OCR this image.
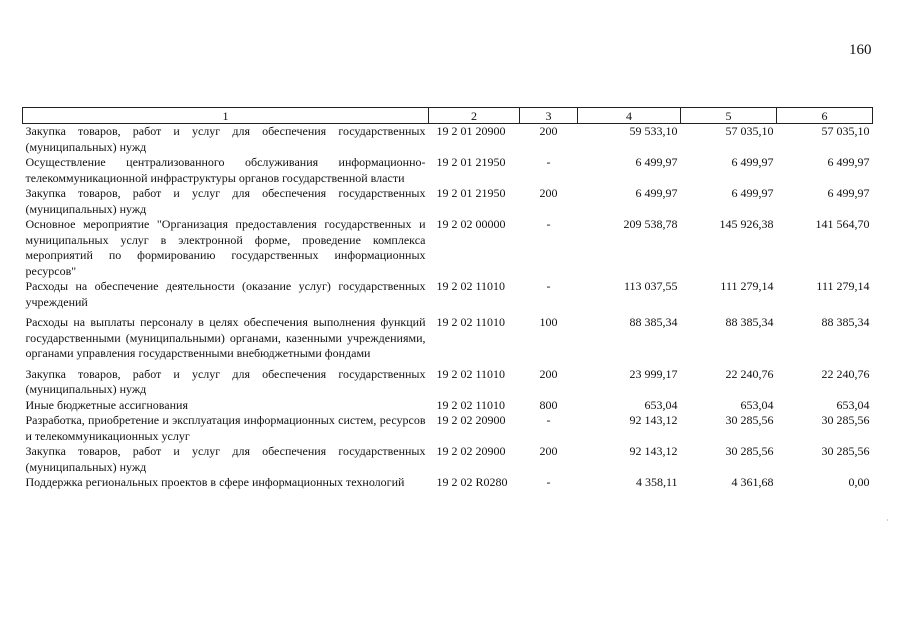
160
1	2	3	4	5	6
Закупка товаров, работ и услуг для обеспечения государственных (муниципальных) нужд	19 2 01 20900	200	59 533,10	57 035,10	57 035,10
Осуществление централизованного обслуживания информационно-телекоммуникационной инфраструктуры органов государственной власти	19 2 01 21950	-	6 499,97	6 499,97	6 499,97
Закупка товаров, работ и услуг для обеспечения государственных (муниципальных) нужд	19 2 01 21950	200	6 499,97	6 499,97	6 499,97
Основное мероприятие "Организация предоставления государственных и муниципальных услуг в электронной форме, проведение комплекса мероприятий по формированию государственных информационных ресурсов"	19 2 02 00000	-	209 538,78	145 926,38	141 564,70
Расходы на обеспечение деятельности (оказание услуг) государственных учреждений	19 2 02 11010	-	113 037,55	111 279,14	111 279,14
Расходы на выплаты персоналу в целях обеспечения выполнения функций государственными (муниципальными) органами, казенными учреждениями, органами управления государственными внебюджетными фондами	19 2 02 11010	100	88 385,34	88 385,34	88 385,34
Закупка товаров, работ и услуг для обеспечения государственных (муниципальных) нужд	19 2 02 11010	200	23 999,17	22 240,76	22 240,76
Иные бюджетные ассигнования	19 2 02 11010	800	653,04	653,04	653,04
Разработка, приобретение и эксплуатация информационных систем, ресурсов и телекоммуникационных услуг	19 2 02 20900	-	92 143,12	30 285,56	30 285,56
Закупка товаров, работ и услуг для обеспечения государственных (муниципальных) нужд	19 2 02 20900	200	92 143,12	30 285,56	30 285,56
Поддержка региональных проектов в сфере информационных технологий	19 2 02 R0280	-	4 358,11	4 361,68	0,00
·
